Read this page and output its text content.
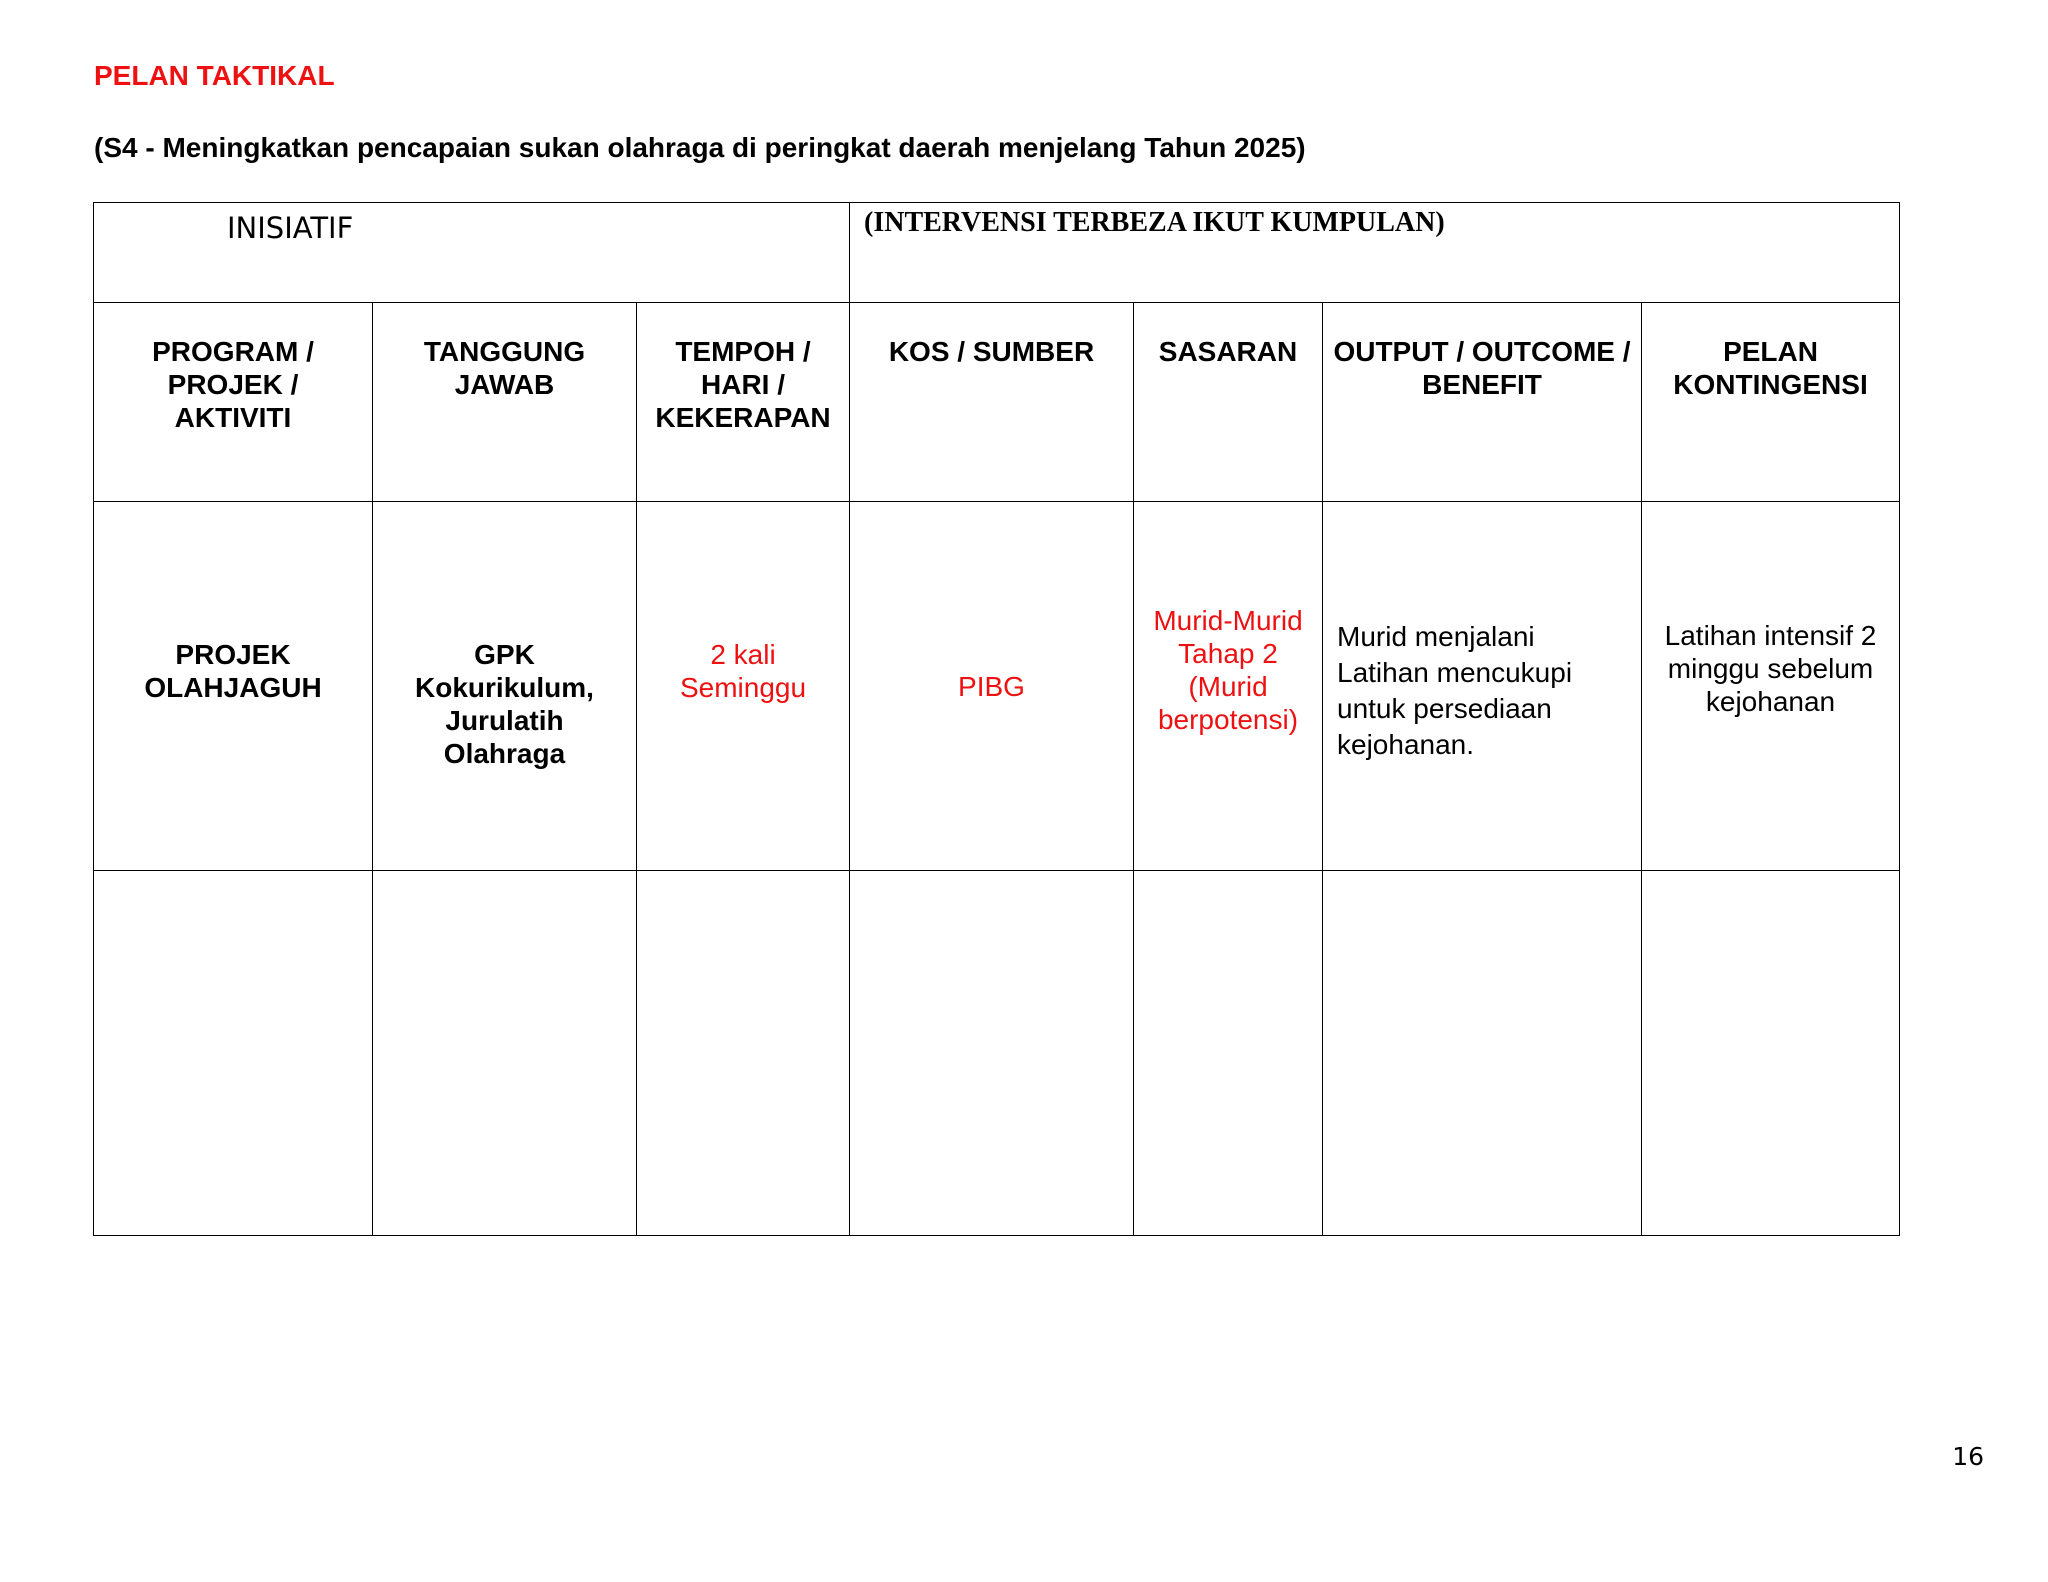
PELAN TAKTIKAL
(S4 - Meningkatkan pencapaian sukan olahraga di peringkat daerah menjelang Tahun 2025)
INISIATIF			(INTERVENSI TERBEZA IKUT KUMPULAN)			
PROGRAM / PROJEK / AKTIVITI	TANGGUNG JAWAB	TEMPOH / HARI / KEKERAPAN	KOS / SUMBER	SASARAN	OUTPUT / OUTCOME / BENEFIT	PELAN KONTINGENSI
PROJEK OLAHJAGUH	GPK Kokurikulum, Jurulatih Olahraga	2 kali Seminggu	PIBG	Murid-Murid Tahap 2 (Murid berpotensi)	Murid menjalani Latihan mencukupi untuk persediaan kejohanan.	Latihan intensif 2 minggu sebelum kejohanan

16
